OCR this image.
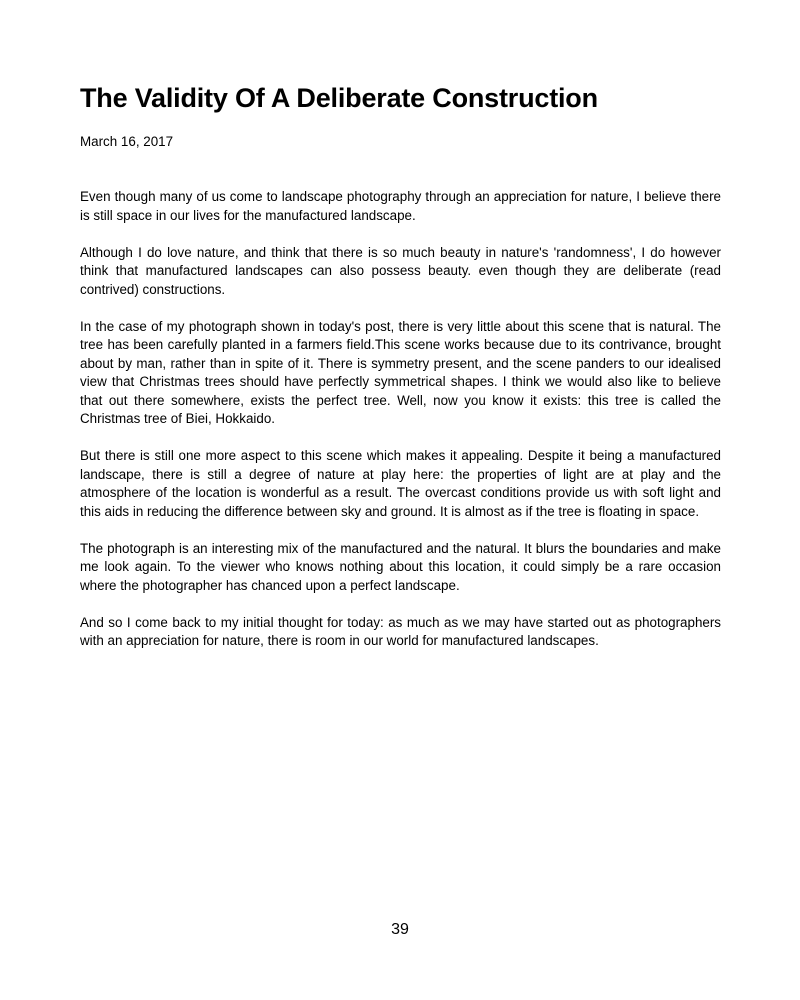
The Validity Of A Deliberate Construction

March 16, 2017

Even though many of us come to landscape photography through an appreciation for nature, I believe there is still space in our lives for the manufactured landscape.

Although I do love nature, and think that there is so much beauty in nature's 'randomness', I do however think that manufactured landscapes can also possess beauty. even though they are deliberate (read contrived) constructions.

In the case of my photograph shown in today's post, there is very little about this scene that is natural. The tree has been carefully planted in a farmers field.This scene works because due to its contrivance, brought about by man, rather than in spite of it. There is symmetry present, and the scene panders to our idealised view that Christmas trees should have perfectly symmetrical shapes. I think we would also like to believe that out there somewhere, exists the perfect tree. Well, now you know it exists: this tree is called the Christmas tree of Biei, Hokkaido.

But there is still one more aspect to this scene which makes it appealing. Despite it being a manufactured landscape, there is still a degree of nature at play here: the properties of light are at play and the atmosphere of the location is wonderful as a result. The overcast conditions provide us with soft light and this aids in reducing the difference between sky and ground. It is almost as if the tree is floating in space.

The photograph is an interesting mix of the manufactured and the natural. It blurs the boundaries and make me look again. To the viewer who knows nothing about this location, it could simply be a rare occasion where the photographer has chanced upon a perfect landscape.

And so I come back to my initial thought for today: as much as we may have started out as photographers with an appreciation for nature, there is room in our world for manufactured landscapes.

39
